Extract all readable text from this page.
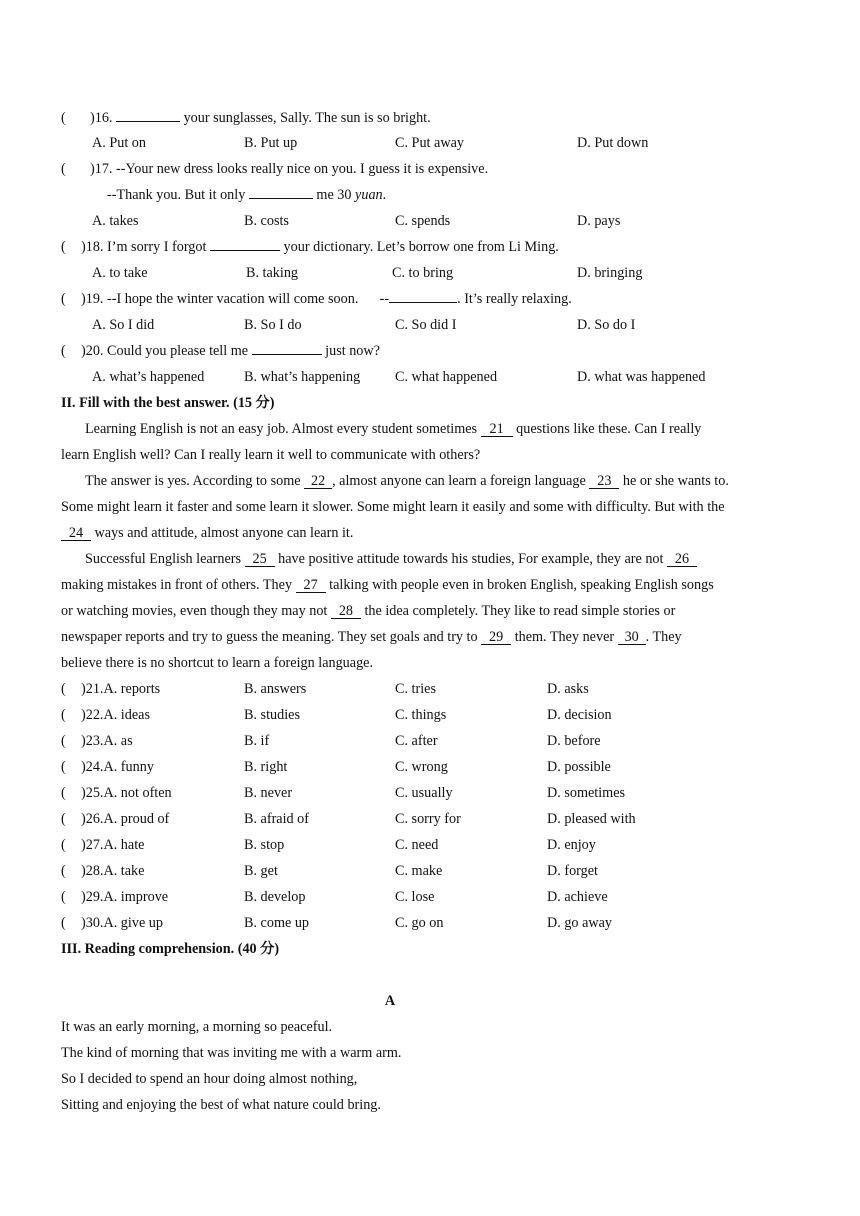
( )16.	your sunglasses, Sally. The sun is so bright.
A. Put on	B. Put up	C. Put away	D. Put down
( )17. --Your new dress looks really nice on you. I guess it is expensive.
--Thank you. But it only	me 30 yuan.
A. takes	B. costs	C. spends	D. pays
( )18. I’m sorry I forgot	your dictionary. Let’s borrow one from Li Ming.
A. to take	B. taking	C. to bring	D. bringing
( )19. --I hope the winter vacation will come soon.      --	. It’s really relaxing.
A. So I did	B. So I do	C. So did I	D. So do I
( )20. Could you please tell me	just now?
A. what’s happened	B. what’s happening C. what happened	D. what was happened
II. Fill with the best answer. (15 分)
Learning English is not an easy job. Almost every student sometimes 21 questions like these. Can I really
learn English well? Can I really learn it well to communicate with others?
The answer is yes. According to some 22 , almost anyone can learn a foreign language 23 he or she wants to.
Some might learn it faster and some learn it slower. Some might learn it easily and some with difficulty. But with the
24 ways and attitude, almost anyone can learn it.
Successful English learners 25 have positive attitude towards his studies, For example, they are not 26
making mistakes in front of others. They 27 talking with people even in broken English, speaking English songs
or watching movies, even though they may not 28 the idea completely. They like to read simple stories or
newspaper reports and try to guess the meaning. They set goals and try to 29 them. They never 30 . They
believe there is no shortcut to learn a foreign language.
( )21.A. reports	B. answers	C. tries	D. asks
( )22.A. ideas	B. studies	C. things	D. decision
( )23.A. as	B. if	C. after	D. before
( )24.A. funny	B. right	C. wrong	D. possible
( )25.A. not often	B. never	C. usually	D. sometimes
( )26.A. proud of	B. afraid of	C. sorry for	D. pleased with
( )27.A. hate	B. stop	C. need	D. enjoy
( )28.A. take	B. get	C. make	D. forget
( )29.A. improve	B. develop	C. lose	D. achieve
( )30.A. give up	B. come up	C. go on	D. go away
III. Reading comprehension. (40 分)
A
It was an early morning, a morning so peaceful.
The kind of morning that was inviting me with a warm arm.
So I decided to spend an hour doing almost nothing,
Sitting and enjoying the best of what nature could bring.
